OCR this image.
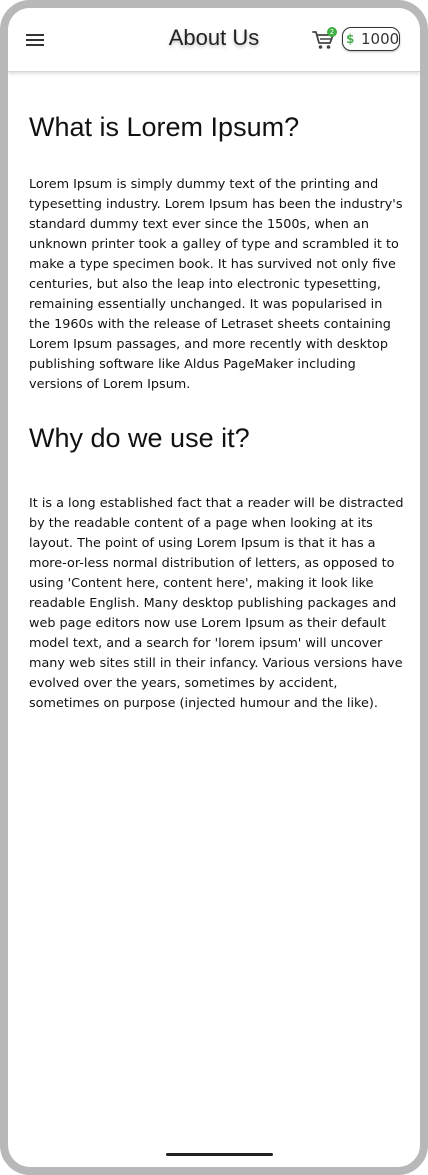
About Us	2 $ 1000
What is Lorem Ipsum?

Lorem Ipsum is simply dummy text of the printing and typesetting industry. Lorem Ipsum has been the industry's standard dummy text ever since the 1500s, when an unknown printer took a galley of type and scrambled it to make a type specimen book. It has survived not only five centuries, but also the leap into electronic typesetting, remaining essentially unchanged. It was popularised in the 1960s with the release of Letraset sheets containing Lorem Ipsum passages, and more recently with desktop publishing software like Aldus PageMaker including versions of Lorem Ipsum.

Why do we use it?

It is a long established fact that a reader will be distracted by the readable content of a page when looking at its layout. The point of using Lorem Ipsum is that it has a more-or-less normal distribution of letters, as opposed to using 'Content here, content here', making it look like readable English. Many desktop publishing packages and web page editors now use Lorem Ipsum as their default model text, and a search for 'lorem ipsum' will uncover many web sites still in their infancy. Various versions have evolved over the years, sometimes by accident, sometimes on purpose (injected humour and the like).
